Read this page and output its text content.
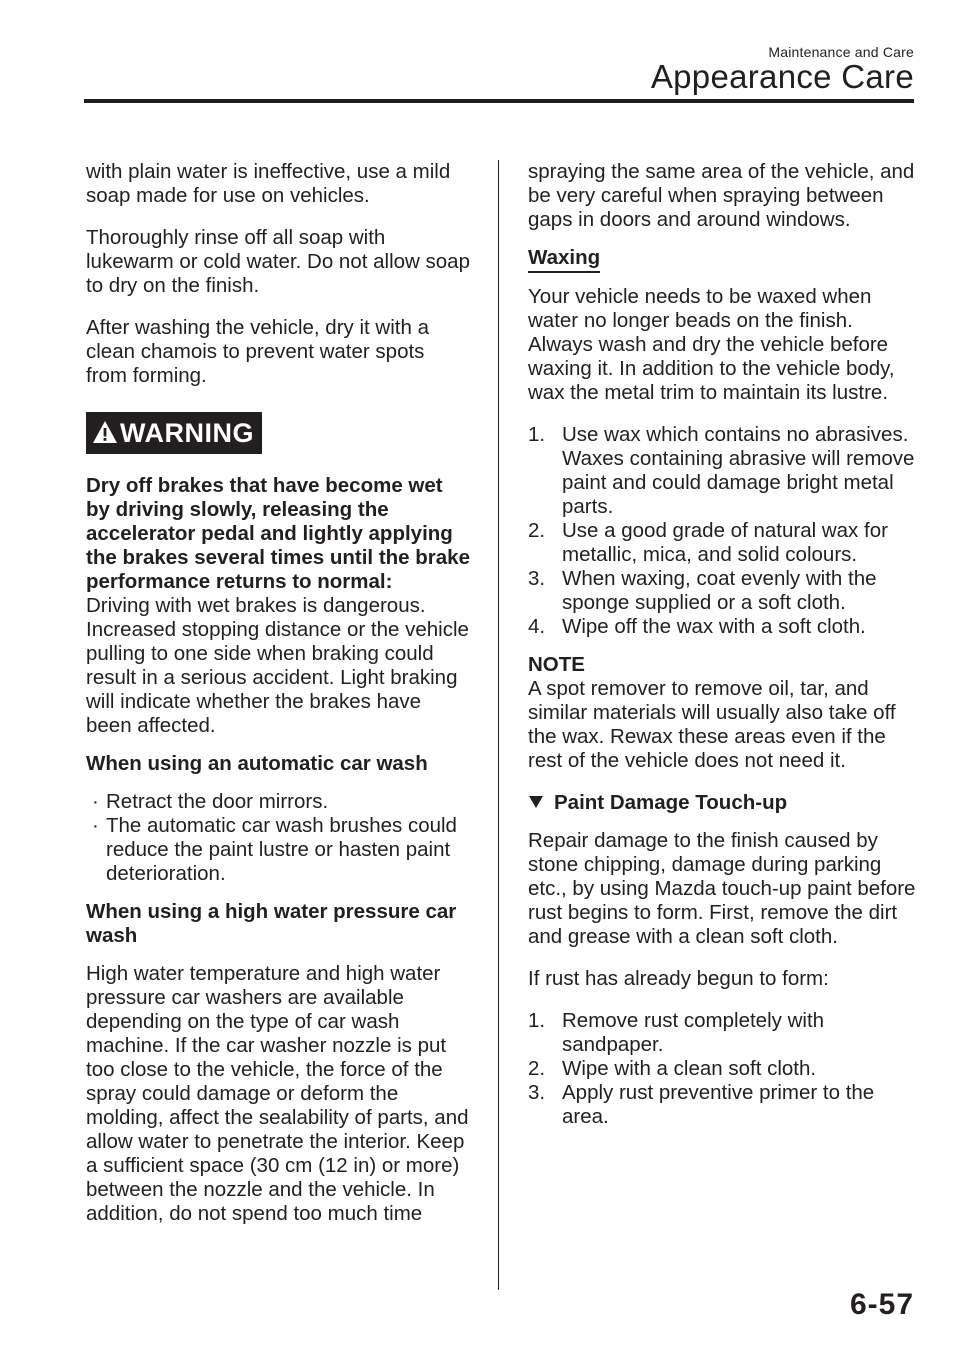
Maintenance and Care
Appearance Care

with plain water is ineffective, use a mild soap made for use on vehicles.

Thoroughly rinse off all soap with lukewarm or cold water. Do not allow soap to dry on the finish.

After washing the vehicle, dry it with a clean chamois to prevent water spots from forming.

WARNING

Dry off brakes that have become wet by driving slowly, releasing the accelerator pedal and lightly applying the brakes several times until the brake performance returns to normal:

Driving with wet brakes is dangerous. Increased stopping distance or the vehicle pulling to one side when braking could result in a serious accident. Light braking will indicate whether the brakes have been affected.

When using an automatic car wash

· Retract the door mirrors.
· The automatic car wash brushes could reduce the paint lustre or hasten paint deterioration.

When using a high water pressure car wash

High water temperature and high water pressure car washers are available depending on the type of car wash machine. If the car washer nozzle is put too close to the vehicle, the force of the spray could damage or deform the molding, affect the sealability of parts, and allow water to penetrate the interior. Keep a sufficient space (30 cm (12 in) or more) between the nozzle and the vehicle. In addition, do not spend too much time

spraying the same area of the vehicle, and be very careful when spraying between gaps in doors and around windows.

Waxing

Your vehicle needs to be waxed when water no longer beads on the finish. Always wash and dry the vehicle before waxing it. In addition to the vehicle body, wax the metal trim to maintain its lustre.

1. Use wax which contains no abrasives.
Waxes containing abrasive will remove paint and could damage bright metal parts.
2. Use a good grade of natural wax for metallic, mica, and solid colours.
3. When waxing, coat evenly with the sponge supplied or a soft cloth.
4. Wipe off the wax with a soft cloth.

NOTE

A spot remover to remove oil, tar, and similar materials will usually also take off the wax. Rewax these areas even if the rest of the vehicle does not need it.

Paint Damage Touch-up

Repair damage to the finish caused by stone chipping, damage during parking etc., by using Mazda touch-up paint before rust begins to form. First, remove the dirt and grease with a clean soft cloth.

If rust has already begun to form:

1. Remove rust completely with sandpaper.
2. Wipe with a clean soft cloth.
3. Apply rust preventive primer to the area.
6-57
